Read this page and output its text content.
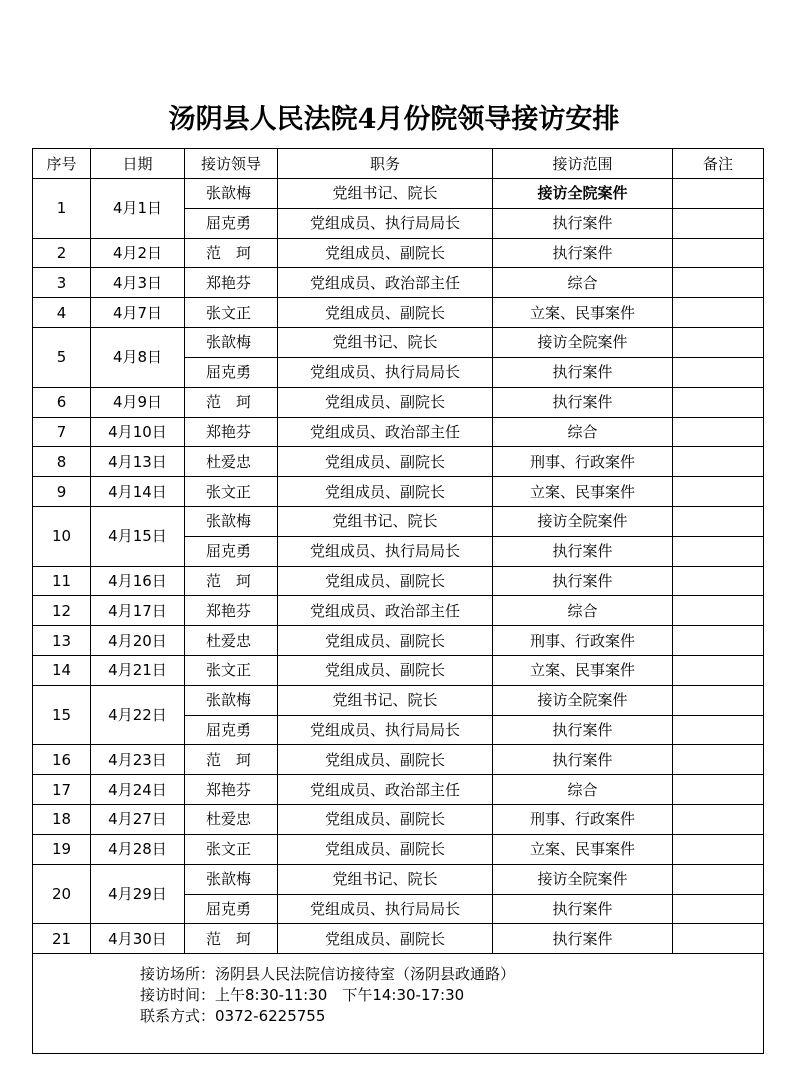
汤阴县人民法院4月份院领导接访安排
序号	日期	接访领导	职务	接访范围	备注
1	4月1日	张歆梅	党组书记、院长	接访全院案件	
		屈克勇	党组成员、执行局局长	执行案件	
2	4月2日	范　珂	党组成员、副院长	执行案件	
3	4月3日	郑艳芬	党组成员、政治部主任	综合	
4	4月7日	张文正	党组成员、副院长	立案、民事案件	
5	4月8日	张歆梅	党组书记、院长	接访全院案件	
		屈克勇	党组成员、执行局局长	执行案件	
6	4月9日	范　珂	党组成员、副院长	执行案件	
7	4月10日	郑艳芬	党组成员、政治部主任	综合	
8	4月13日	杜爱忠	党组成员、副院长	刑事、行政案件	
9	4月14日	张文正	党组成员、副院长	立案、民事案件	
10	4月15日	张歆梅	党组书记、院长	接访全院案件	
		屈克勇	党组成员、执行局局长	执行案件	
11	4月16日	范　珂	党组成员、副院长	执行案件	
12	4月17日	郑艳芬	党组成员、政治部主任	综合	
13	4月20日	杜爱忠	党组成员、副院长	刑事、行政案件	
14	4月21日	张文正	党组成员、副院长	立案、民事案件	
15	4月22日	张歆梅	党组书记、院长	接访全院案件	
		屈克勇	党组成员、执行局局长	执行案件	
16	4月23日	范　珂	党组成员、副院长	执行案件	
17	4月24日	郑艳芬	党组成员、政治部主任	综合	
18	4月27日	杜爱忠	党组成员、副院长	刑事、行政案件	
19	4月28日	张文正	党组成员、副院长	立案、民事案件	
20	4月29日	张歆梅	党组书记、院长	接访全院案件	
		屈克勇	党组成员、执行局局长	执行案件	
21	4月30日	范　珂	党组成员、副院长	执行案件	

接访场所：汤阴县人民法院信访接待室（汤阴县政通路）
接访时间：上午8:30-11:30　下午14:30-17:30
联系方式：0372-6225755					
